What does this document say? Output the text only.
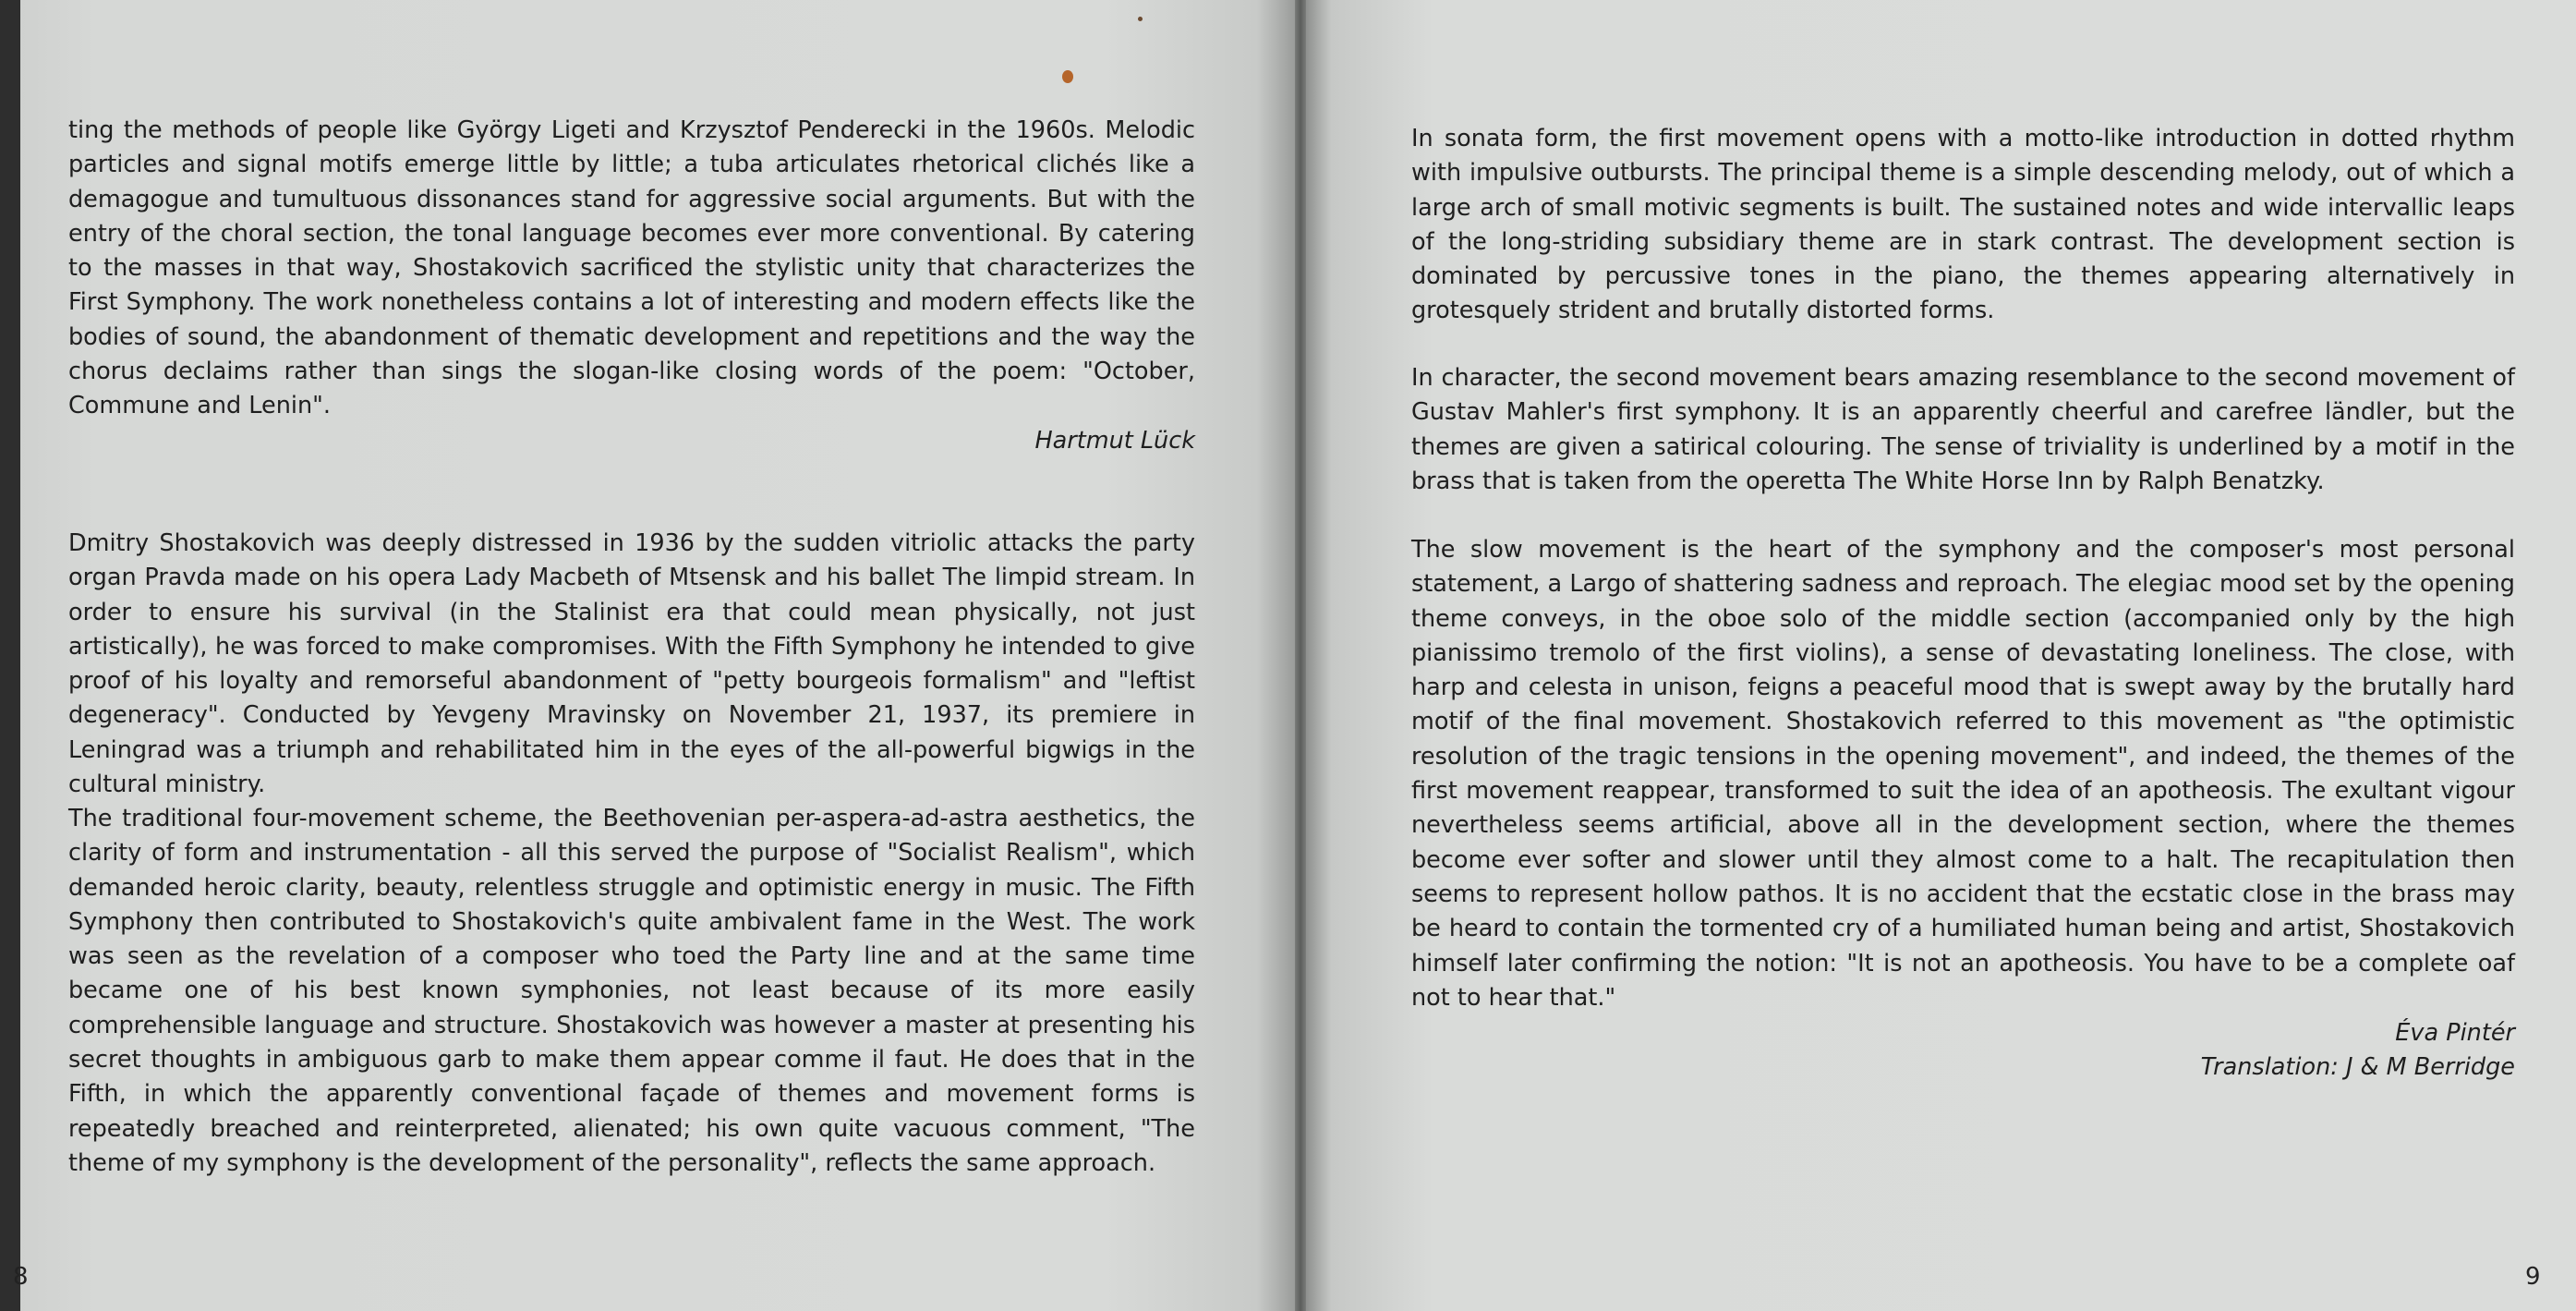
ting the methods of people like György Ligeti and Krzysztof Penderecki in the 1960s. Melodic particles and signal motifs emerge little by little; a tuba articulates rhetorical clichés like a demagogue and tumultuous dissonances stand for aggressive social arguments. But with the entry of the choral section, the tonal language becomes ever more conventional. By catering to the masses in that way, Shostakovich sacrificed the stylistic unity that characterizes the First Symphony. The work nonetheless contains a lot of interesting and modern effects like the bodies of sound, the abandonment of thematic development and repetitions and the way the chorus declaims rather than sings the slogan-like closing words of the poem: "October, Commune and Lenin".

Hartmut Lück

Dmitry Shostakovich was deeply distressed in 1936 by the sudden vitriolic attacks the party organ Pravda made on his opera Lady Macbeth of Mtsensk and his ballet The limpid stream. In order to ensure his survival (in the Stalinist era that could mean physically, not just artistically), he was forced to make compromises. With the Fifth Symphony he intended to give proof of his loyalty and remorseful abandonment of "petty bourgeois formalism" and "leftist degeneracy". Conducted by Yevgeny Mravinsky on November 21, 1937, its premiere in Leningrad was a triumph and rehabilitated him in the eyes of the all-powerful bigwigs in the cultural ministry.

The traditional four-movement scheme, the Beethovenian per-aspera-ad-astra aesthetics, the clarity of form and instrumentation - all this served the purpose of "Socialist Realism", which demanded heroic clarity, beauty, relentless struggle and optimistic energy in music. The Fifth Symphony then contributed to Shostakovich's quite ambivalent fame in the West. The work was seen as the revelation of a composer who toed the Party line and at the same time became one of his best known symphonies, not least because of its more easily comprehensible language and structure. Shostakovich was however a master at presenting his secret thoughts in ambiguous garb to make them appear comme il faut. He does that in the Fifth, in which the apparently conventional façade of themes and movement forms is repeatedly breached and reinterpreted, alienated; his own quite vacuous comment, "The theme of my symphony is the development of the personality", reflects the same approach.

8

In sonata form, the first movement opens with a motto-like introduction in dotted rhythm with impulsive outbursts. The principal theme is a simple descending melody, out of which a large arch of small motivic segments is built. The sustained notes and wide intervallic leaps of the long-striding subsidiary theme are in stark contrast. The development section is dominated by percussive tones in the piano, the themes appearing alternatively in grotesquely strident and brutally distorted forms.

In character, the second movement bears amazing resemblance to the second movement of Gustav Mahler's first symphony. It is an apparently cheerful and carefree ländler, but the themes are given a satirical colouring. The sense of triviality is underlined by a motif in the brass that is taken from the operetta The White Horse Inn by Ralph Benatzky.

The slow movement is the heart of the symphony and the composer's most personal statement, a Largo of shattering sadness and reproach. The elegiac mood set by the opening theme conveys, in the oboe solo of the middle section (accompanied only by the high pianissimo tremolo of the first violins), a sense of devastating loneliness. The close, with harp and celesta in unison, feigns a peaceful mood that is swept away by the brutally hard motif of the final movement. Shostakovich referred to this movement as "the optimistic resolution of the tragic tensions in the opening movement", and indeed, the themes of the first movement reappear, transformed to suit the idea of an apotheosis. The exultant vigour nevertheless seems artificial, above all in the development section, where the themes become ever softer and slower until they almost come to a halt. The recapitulation then seems to represent hollow pathos. It is no accident that the ecstatic close in the brass may be heard to contain the tormented cry of a humiliated human being and artist, Shostakovich himself later confirming the notion: "It is not an apotheosis. You have to be a complete oaf not to hear that."

Éva Pintér

Translation: J & M Berridge

9
